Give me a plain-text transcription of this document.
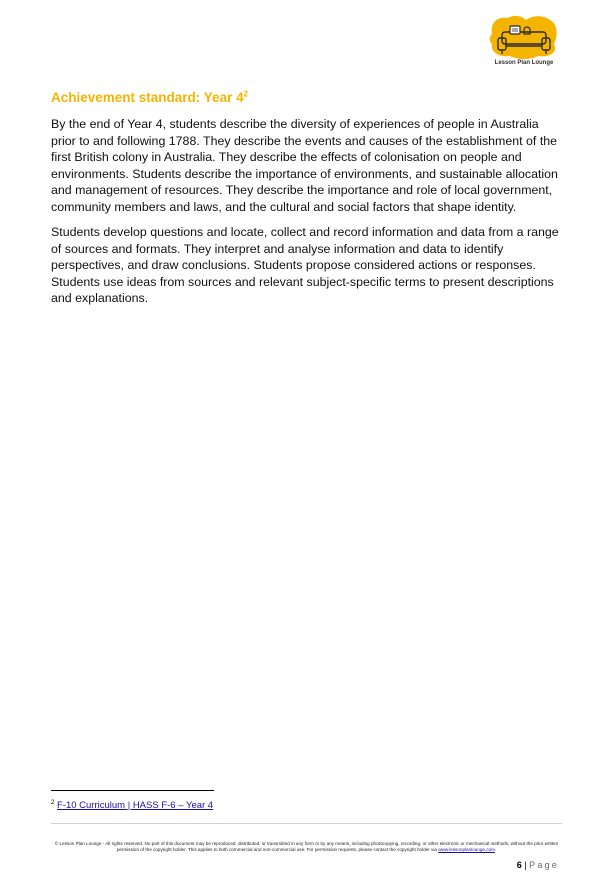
Lesson Plan Lounge
Achievement standard: Year $4^2$

By the end of Year 4, students describe the diversity of experiences of people in Australia prior to and following 1788. They describe the events and causes of the establishment of the first British colony in Australia. They describe the effects of colonisation on people and environments. Students describe the importance of environments, and sustainable allocation and management of resources. They describe the importance and role of local government, community members and laws, and the cultural and social factors that shape identity.

Students develop questions and locate, collect and record information and data from a range of sources and formats. They interpret and analyse information and data to identify perspectives, and draw conclusions. Students propose considered actions or responses. Students use ideas from sources and relevant subject-specific terms to present descriptions and explanations.

$^2$ F-10 Curriculum | HASS F-6 – Year 4
© Lesson Plan Lounge - All rights reserved. No part of this document may be reproduced, distributed, or transmitted in any form or by any means, including photocopying, recording, or other electronic or mechanical methods, without the prior written permission of the copyright holder. This applies to both commercial and non-commercial use. For permission requests, please contact the copyright holder via www.lessonplanlounge.com.
6 | Page
